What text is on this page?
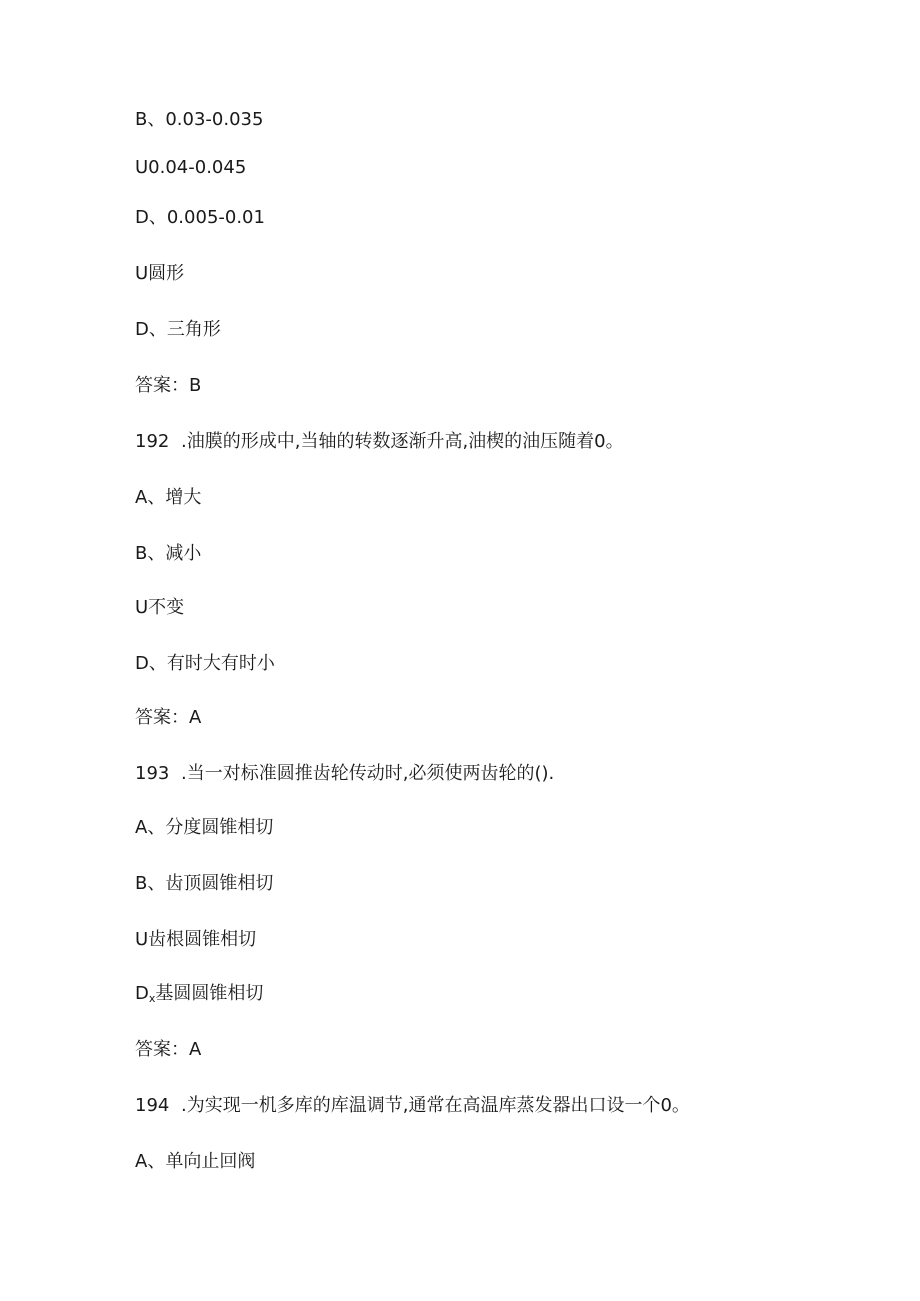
B、0.03-0.035
U0.04-0.045
D、0.005-0.01
U圆形
D、三角形
答案：B
192 .油膜的形成中,当轴的转数逐渐升高,油楔的油压随着0。
A、增大
B、减小
U不变
D、有时大有时小
答案：A
193 .当一对标准圆推齿轮传动时,必须使两齿轮的().
A、分度圆锥相切
B、齿顶圆锥相切
U齿根圆锥相切
$D_x$基圆圆锥相切
答案：A
194 .为实现一机多库的库温调节,通常在高温库蒸发器出口设一个0。
A、单向止回阀
